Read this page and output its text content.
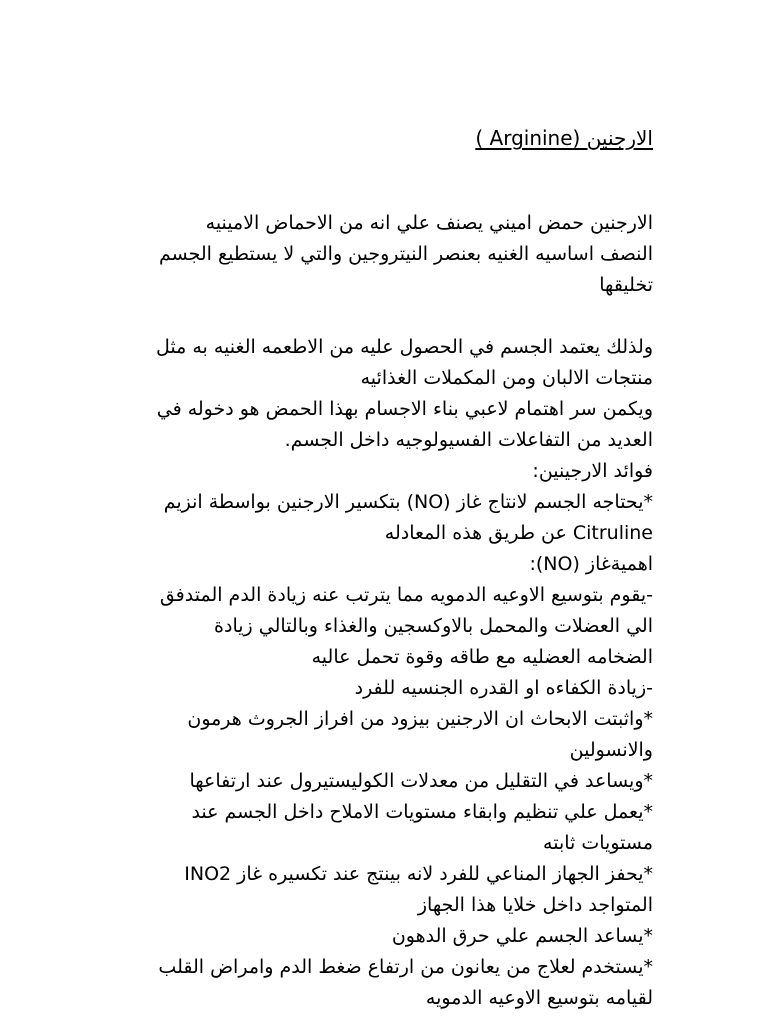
الارجنين (Arginine )
الارجنين حمض اميني يصنف علي انه من الاحماض الامينيه
النصف اساسيه الغنيه بعنصر النيتروجين والتي لا يستطيع الجسم
تخليقها
ولذلك يعتمد الجسم في الحصول عليه من الاطعمه الغنيه به مثل
منتجات الالبان ومن المكملات الغذائيه
ويكمن سر اهتمام لاعبي بناء الاجسام بهذا الحمض هو دخوله في
العديد من التفاعلات الفسيولوجيه داخل الجسم.
فوائد الارجينين:
*يحتاجه الجسم لانتاج غاز (NO) بتكسير الارجنين بواسطة انزيم
Citruline عن طريق هذه المعادله
اهميةغاز (NO):
-يقوم بتوسيع الاوعيه الدمويه مما يترتب عنه زيادة الدم المتدفق
الي العضلات والمحمل بالاوكسجين والغذاء وبالتالي زيادة
الضخامه العضليه مع طاقه وقوة تحمل عاليه
-زيادة الكفاءه او القدره الجنسيه للفرد
*واثبتت الابحاث ان الارجنين بيزود من افراز الجروث هرمون
والانسولين
*ويساعد في التقليل من معدلات الكوليستيرول عند ارتفاعها
*يعمل علي تنظيم وابقاء مستويات الاملاح داخل الجسم عند
مستويات ثابته
*يحفز الجهاز المناعي للفرد لانه بينتج عند تكسيره غاز INO2
المتواجد داخل خلايا هذا الجهاز
*يساعد الجسم علي حرق الدهون
*يستخدم لعلاج من يعانون من ارتفاع ضغط الدم وامراض القلب
لقيامه بتوسيع الاوعيه الدمويه
